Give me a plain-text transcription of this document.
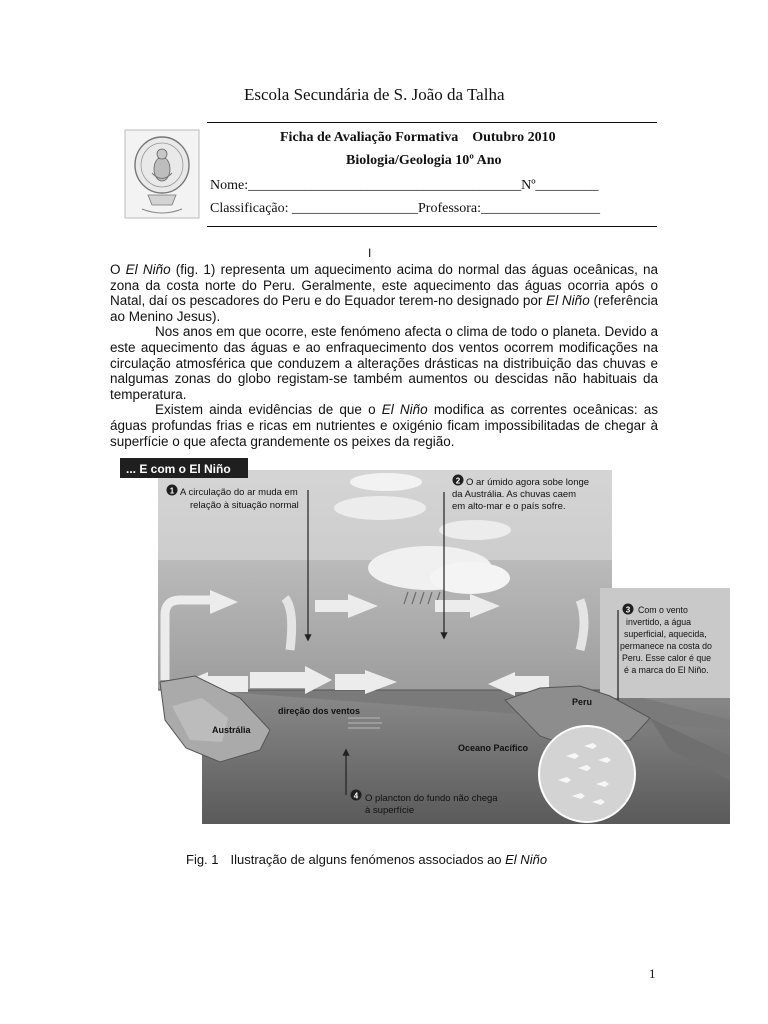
Escola Secundária de S. João da Talha
Ficha de Avaliação Formativa    Outubro 2010
Biologia/Geologia 10º Ano
Nome:_______________________________________Nº_________
Classificação: __________________Professora:_________________
I

O El Niño (fig. 1) representa um aquecimento acima do normal das águas oceânicas, na zona da costa norte do Peru. Geralmente, este aquecimento das águas ocorria após o Natal, daí os pescadores do Peru e do Equador terem-no designado por El Niño (referência ao Menino Jesus).

Nos anos em que ocorre, este fenómeno afecta o clima de todo o planeta. Devido a este aquecimento das águas e ao enfraquecimento dos ventos ocorrem modificações na circulação atmosférica que conduzem a alterações drásticas na distribuição das chuvas e nalgumas zonas do globo registam-se também aumentos ou descidas não habituais da temperatura.

Existem ainda evidências de que o El Niño modifica as correntes oceânicas: as águas profundas frias e ricas em nutrientes e oxigénio ficam impossibilitadas de chegar à superfície o que afecta grandemente os peixes da região.

... E com o El Niño
1 A circulação do ar muda em
relação à situação normal
2 O ar úmido agora sobe longe
da Austrália. As chuvas caem
em alto-mar e o país sofre.
3 Com o vento
invertido, a água
superficial, aquecida,
permanece na costa do
Peru. Esse calor é que
é a marca do El Niño.
4 O plancton do fundo não chega
à superfície
direção dos ventos
Austrália
Oceano Pacífico
Peru
Fig. 1 Ilustração de alguns fenómenos associados ao El Niño
1
